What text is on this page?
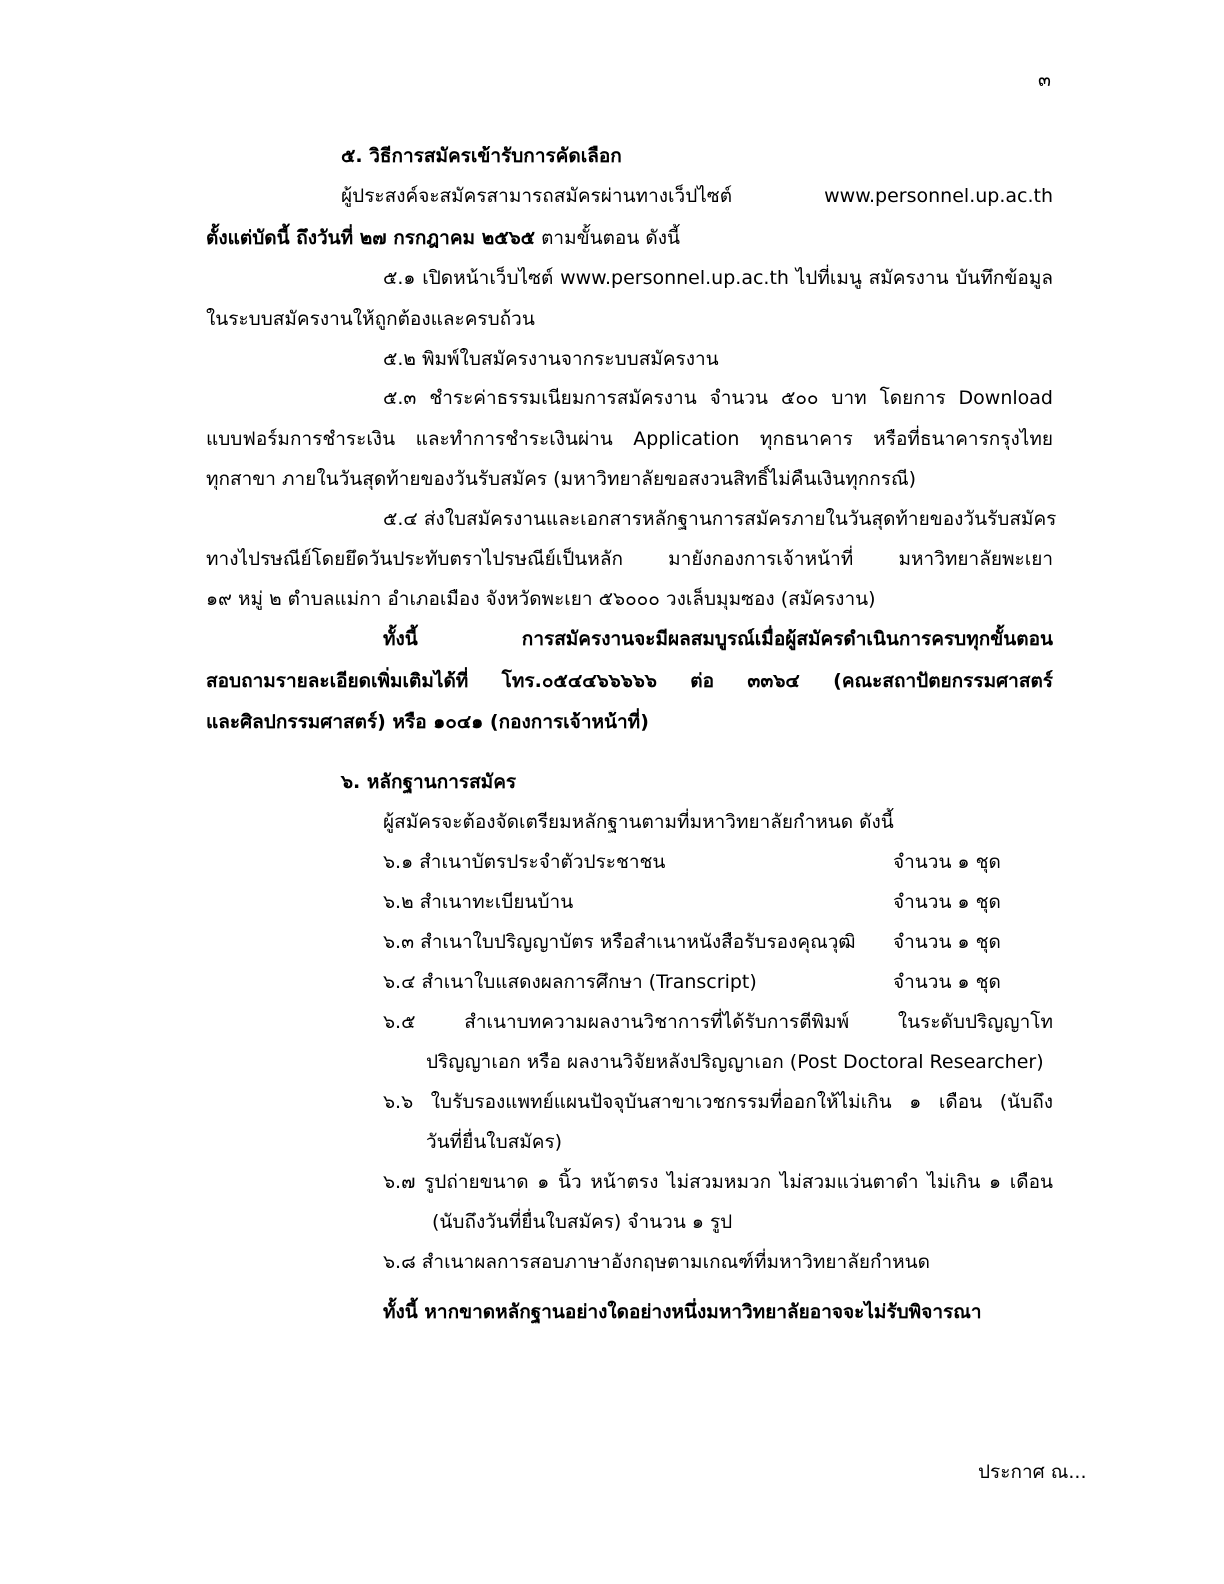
๓
๕. วิธีการสมัครเข้ารับการคัดเลือก
ผู้ประสงค์จะสมัครสามารถสมัครผ่านทางเว็ปไซต์ www.personnel.up.ac.th
ตั้งแต่บัดนี้ ถึงวันที่ ๒๗ กรกฎาคม ๒๕๖๕ ตามขั้นตอน ดังนี้
๕.๑ เปิดหน้าเว็บไซต์ www.personnel.up.ac.th ไปที่เมนู สมัครงาน บันทึกข้อมูล
ในระบบสมัครงานให้ถูกต้องและครบถ้วน
๕.๒ พิมพ์ใบสมัครงานจากระบบสมัครงาน
๕.๓ ชำระค่าธรรมเนียมการสมัครงาน จำนวน ๕๐๐ บาท โดยการ Download
แบบฟอร์มการชำระเงิน และทำการชำระเงินผ่าน Application ทุกธนาคาร หรือที่ธนาคารกรุงไทย
ทุกสาขา ภายในวันสุดท้ายของวันรับสมัคร (มหาวิทยาลัยขอสงวนสิทธิ์ไม่คืนเงินทุกกรณี)
๕.๔ ส่งใบสมัครงานและเอกสารหลักฐานการสมัครภายในวันสุดท้ายของวันรับสมัคร
ทางไปรษณีย์โดยยึดวันประทับตราไปรษณีย์เป็นหลัก มายังกองการเจ้าหน้าที่ มหาวิทยาลัยพะเยา
๑๙ หมู่ ๒ ตำบลแม่กา อำเภอเมือง จังหวัดพะเยา ๕๖๐๐๐ วงเล็บมุมซอง (สมัครงาน)
ทั้งนี้ การสมัครงานจะมีผลสมบูรณ์เมื่อผู้สมัครดำเนินการครบทุกขั้นตอน
สอบถามรายละเอียดเพิ่มเติมได้ที่ โทร.๐๕๔๔๖๖๖๖๖ ต่อ ๓๓๖๔ (คณะสถาปัตยกรรมศาสตร์
และศิลปกรรมศาสตร์) หรือ ๑๐๔๑ (กองการเจ้าหน้าที่)
๖. หลักฐานการสมัคร
ผู้สมัครจะต้องจัดเตรียมหลักฐานตามที่มหาวิทยาลัยกำหนด ดังนี้
๖.๑ สำเนาบัตรประจำตัวประชาชน	จำนวน ๑ ชุด
๖.๒ สำเนาทะเบียนบ้าน	จำนวน ๑ ชุด
๖.๓ สำเนาใบปริญญาบัตร หรือสำเนาหนังสือรับรองคุณวุฒิ จำนวน ๑ ชุด
๖.๔ สำเนาใบแสดงผลการศึกษา (Transcript)	จำนวน ๑ ชุด
๖.๕ สำเนาบทความผลงานวิชาการที่ได้รับการตีพิมพ์ ในระดับปริญญาโท
ปริญญาเอก หรือ ผลงานวิจัยหลังปริญญาเอก (Post Doctoral Researcher)
๖.๖ ใบรับรองแพทย์แผนปัจจุบันสาขาเวชกรรมที่ออกให้ไม่เกิน ๑ เดือน (นับถึง
วันที่ยื่นใบสมัคร)
๖.๗ รูปถ่ายขนาด ๑ นิ้ว หน้าตรง ไม่สวมหมวก ไม่สวมแว่นตาดำ ไม่เกิน ๑ เดือน
(นับถึงวันที่ยื่นใบสมัคร) จำนวน ๑ รูป
๖.๘ สำเนาผลการสอบภาษาอังกฤษตามเกณฑ์ที่มหาวิทยาลัยกำหนด
ทั้งนี้ หากขาดหลักฐานอย่างใดอย่างหนึ่งมหาวิทยาลัยอาจจะไม่รับพิจารณา
ประกาศ ณ...
